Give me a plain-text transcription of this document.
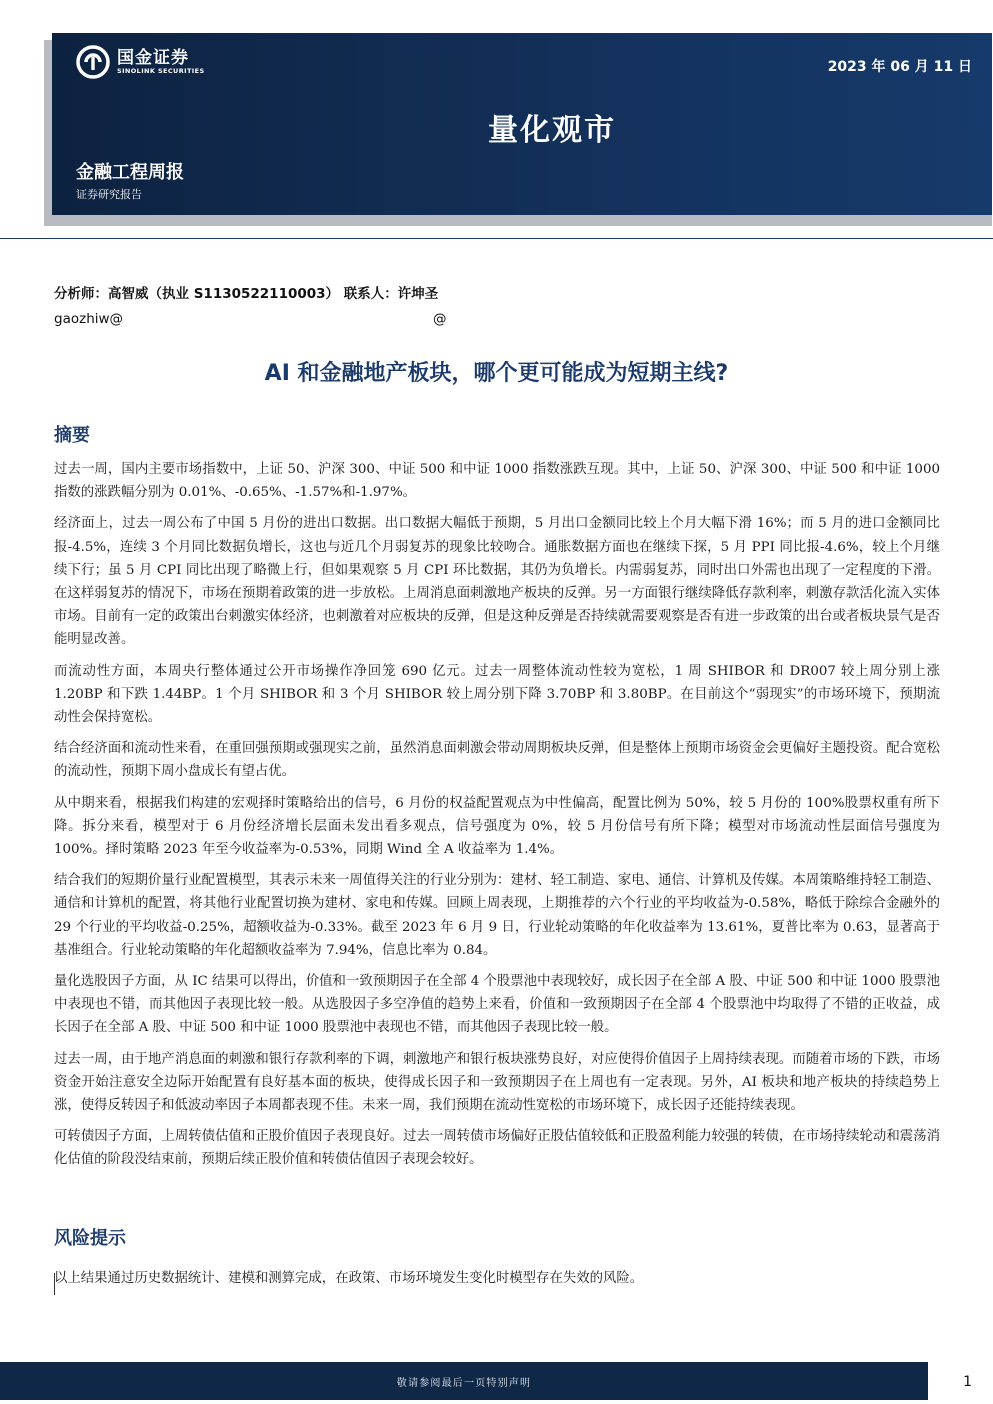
国金证券
SINOLINK SECURITIES	2023 年 06 月 11 日
量化观市
金融工程周报
证券研究报告
分析师：高智威（执业 S1130522110003） 联系人：许坤圣
gaozhiw@	@
AI 和金融地产板块，哪个更可能成为短期主线?
摘要

过去一周，国内主要市场指数中，上证 50、沪深 300、中证 500 和中证 1000 指数涨跌互现。其中，上证 50、沪深 300、中证 500 和中证 1000 指数的涨跌幅分别为 0.01%、-0.65%、-1.57%和-1.97%。

经济面上，过去一周公布了中国 5 月份的进出口数据。出口数据大幅低于预期，5 月出口金额同比较上个月大幅下滑 16%；而 5 月的进口金额同比报-4.5%，连续 3 个月同比数据负增长，这也与近几个月弱复苏的现象比较吻合。通胀数据方面也在继续下探，5 月 PPI 同比报-4.6%，较上个月继续下行；虽 5 月 CPI 同比出现了略微上行，但如果观察 5 月 CPI 环比数据，其仍为负增长。内需弱复苏，同时出口外需也出现了一定程度的下滑。在这样弱复苏的情况下，市场在预期着政策的进一步放松。上周消息面刺激地产板块的反弹。另一方面银行继续降低存款利率，刺激存款活化流入实体市场。目前有一定的政策出台刺激实体经济，也刺激着对应板块的反弹，但是这种反弹是否持续就需要观察是否有进一步政策的出台或者板块景气是否能明显改善。

而流动性方面，本周央行整体通过公开市场操作净回笼 690 亿元。过去一周整体流动性较为宽松，1 周 SHIBOR 和 DR007 较上周分别上涨 1.20BP 和下跌 1.44BP。1 个月 SHIBOR 和 3 个月 SHIBOR 较上周分别下降 3.70BP 和 3.80BP。在目前这个“弱现实”的市场环境下，预期流动性会保持宽松。

结合经济面和流动性来看，在重回强预期或强现实之前，虽然消息面刺激会带动周期板块反弹，但是整体上预期市场资金会更偏好主题投资。配合宽松的流动性，预期下周小盘成长有望占优。

从中期来看，根据我们构建的宏观择时策略给出的信号，6 月份的权益配置观点为中性偏高，配置比例为 50%，较 5 月份的 100%股票权重有所下降。拆分来看，模型对于 6 月份经济增长层面未发出看多观点，信号强度为 0%，较 5 月份信号有所下降；模型对市场流动性层面信号强度为 100%。择时策略 2023 年至今收益率为-0.53%，同期 Wind 全 A 收益率为 1.4%。

结合我们的短期价量行业配置模型，其表示未来一周值得关注的行业分别为：建材、轻工制造、家电、通信、计算机及传媒。本周策略维持轻工制造、通信和计算机的配置，将其他行业配置切换为建材、家电和传媒。回顾上周表现，上期推荐的六个行业的平均收益为-0.58%，略低于除综合金融外的 29 个行业的平均收益-0.25%，超额收益为-0.33%。截至 2023 年 6 月 9 日，行业轮动策略的年化收益率为 13.61%，夏普比率为 0.63，显著高于基准组合。行业轮动策略的年化超额收益率为 7.94%，信息比率为 0.84。

量化选股因子方面，从 IC 结果可以得出，价值和一致预期因子在全部 4 个股票池中表现较好，成长因子在全部 A 股、中证 500 和中证 1000 股票池中表现也不错，而其他因子表现比较一般。从选股因子多空净值的趋势上来看，价值和一致预期因子在全部 4 个股票池中均取得了不错的正收益，成长因子在全部 A 股、中证 500 和中证 1000 股票池中表现也不错，而其他因子表现比较一般。

过去一周，由于地产消息面的刺激和银行存款利率的下调，刺激地产和银行板块涨势良好，对应使得价值因子上周持续表现。而随着市场的下跌，市场资金开始注意安全边际开始配置有良好基本面的板块，使得成长因子和一致预期因子在上周也有一定表现。另外，AI 板块和地产板块的持续趋势上涨，使得反转因子和低波动率因子本周都表现不佳。未来一周，我们预期在流动性宽松的市场环境下，成长因子还能持续表现。

可转债因子方面，上周转债估值和正股价值因子表现良好。过去一周转债市场偏好正股估值较低和正股盈利能力较强的转债，在市场持续轮动和震荡消化估值的阶段没结束前，预期后续正股价值和转债估值因子表现会较好。

风险提示
以上结果通过历史数据统计、建模和测算完成，在政策、市场环境发生变化时模型存在失效的风险。
敬请参阅最后一页特别声明	1
